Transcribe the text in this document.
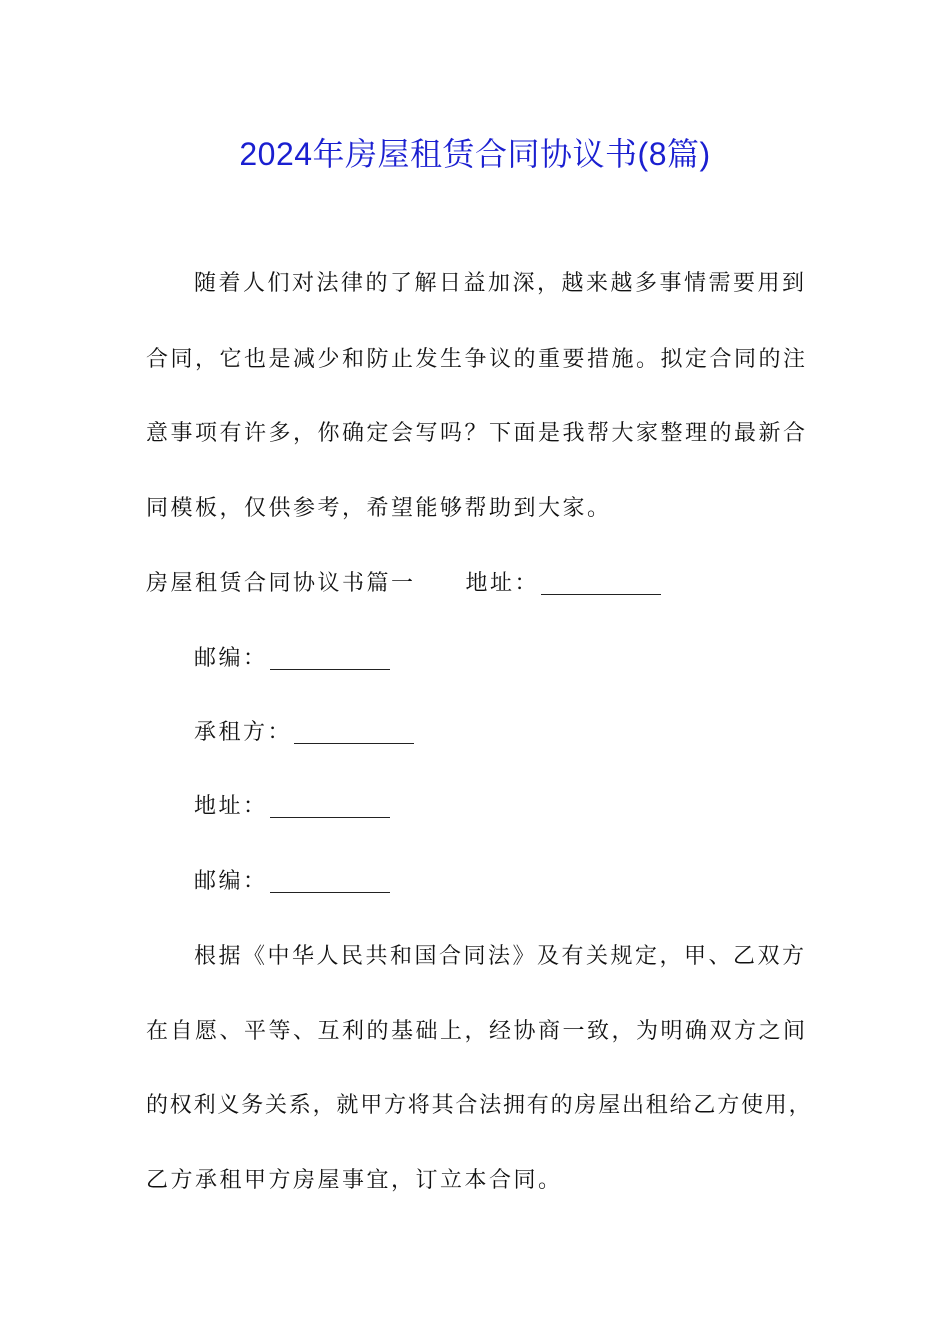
2024年房屋租赁合同协议书(8篇)
随着人们对法律的了解日益加深，越来越多事情需要用到
合同，它也是减少和防止发生争议的重要措施。拟定合同的注
意事项有许多，你确定会写吗？下面是我帮大家整理的最新合
同模板，仅供参考，希望能够帮助到大家。
房屋租赁合同协议书篇一 地址：
邮编：
承租方：
地址：
邮编：
根据《中华人民共和国合同法》及有关规定，甲、乙双方
在自愿、平等、互利的基础上，经协商一致，为明确双方之间
的权利义务关系，就甲方将其合法拥有的房屋出租给乙方使用，
乙方承租甲方房屋事宜，订立本合同。
